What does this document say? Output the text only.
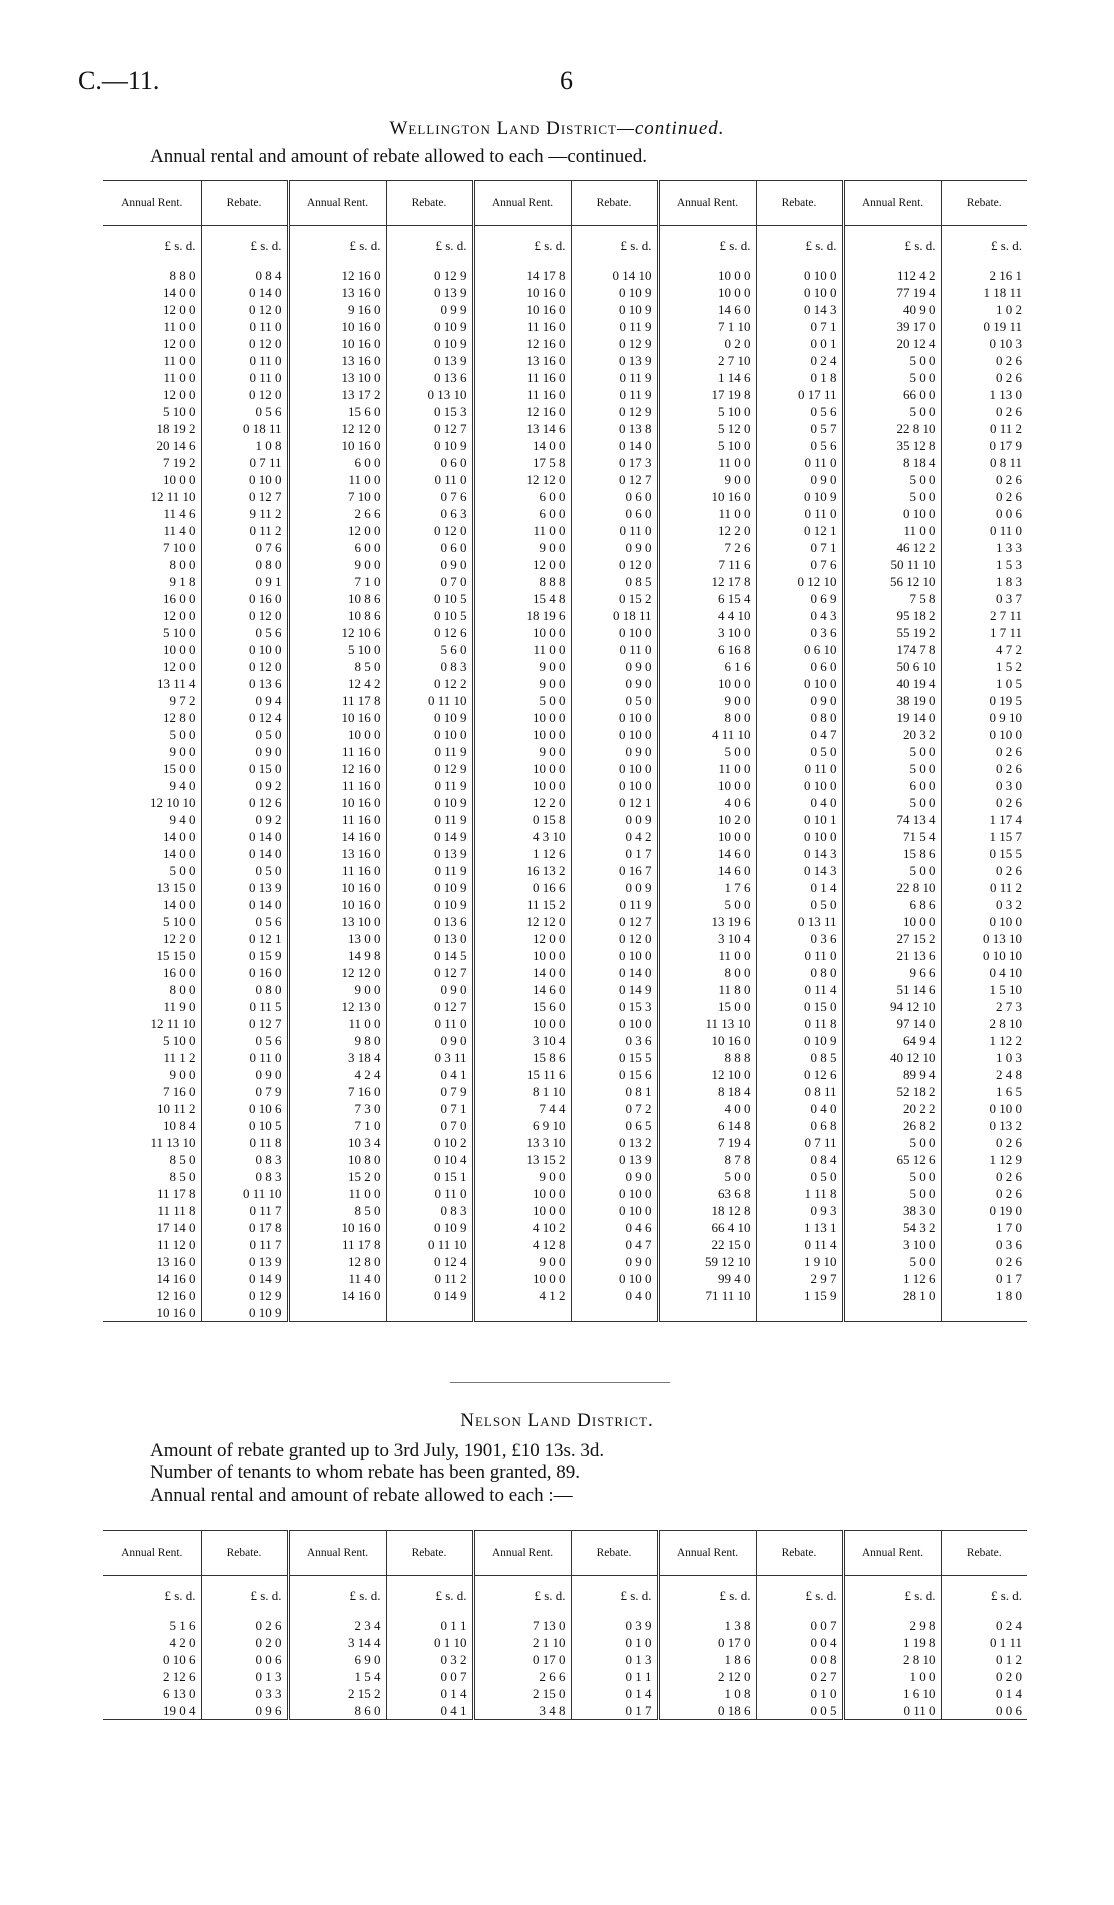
C.—11.	6
Wellington Land District—continued.
Annual rental and amount of rebate allowed to each —continued.
Annual Rent.	Rebate.	Annual Rent.	Rebate.	Annual Rent.	Rebate.	Annual Rent.	Rebate.	Annual Rent.	Rebate.
£ s. d.	£ s. d.	£ s. d.	£ s. d.	£ s. d.	£ s. d.	£ s. d.	£ s. d.	£ s. d.	£ s. d.
8 8 0	0 8 4	12 16 0	0 12 9	14 17 8	0 14 10	10 0 0	0 10 0	112 4 2	2 16 1
14 0 0	0 14 0	13 16 0	0 13 9	10 16 0	0 10 9	10 0 0	0 10 0	77 19 4	1 18 11
12 0 0	0 12 0	9 16 0	0 9 9	10 16 0	0 10 9	14 6 0	0 14 3	40 9 0	1 0 2
11 0 0	0 11 0	10 16 0	0 10 9	11 16 0	0 11 9	7 1 10	0 7 1	39 17 0	0 19 11
12 0 0	0 12 0	10 16 0	0 10 9	12 16 0	0 12 9	0 2 0	0 0 1	20 12 4	0 10 3
11 0 0	0 11 0	13 16 0	0 13 9	13 16 0	0 13 9	2 7 10	0 2 4	5 0 0	0 2 6
11 0 0	0 11 0	13 10 0	0 13 6	11 16 0	0 11 9	1 14 6	0 1 8	5 0 0	0 2 6
12 0 0	0 12 0	13 17 2	0 13 10	11 16 0	0 11 9	17 19 8	0 17 11	66 0 0	1 13 0
5 10 0	0 5 6	15 6 0	0 15 3	12 16 0	0 12 9	5 10 0	0 5 6	5 0 0	0 2 6
18 19 2	0 18 11	12 12 0	0 12 7	13 14 6	0 13 8	5 12 0	0 5 7	22 8 10	0 11 2
20 14 6	1 0 8	10 16 0	0 10 9	14 0 0	0 14 0	5 10 0	0 5 6	35 12 8	0 17 9
7 19 2	0 7 11	6 0 0	0 6 0	17 5 8	0 17 3	11 0 0	0 11 0	8 18 4	0 8 11
10 0 0	0 10 0	11 0 0	0 11 0	12 12 0	0 12 7	9 0 0	0 9 0	5 0 0	0 2 6
12 11 10	0 12 7	7 10 0	0 7 6	6 0 0	0 6 0	10 16 0	0 10 9	5 0 0	0 2 6
11 4 6	9 11 2	2 6 6	0 6 3	6 0 0	0 6 0	11 0 0	0 11 0	0 10 0	0 0 6
11 4 0	0 11 2	12 0 0	0 12 0	11 0 0	0 11 0	12 2 0	0 12 1	11 0 0	0 11 0
7 10 0	0 7 6	6 0 0	0 6 0	9 0 0	0 9 0	7 2 6	0 7 1	46 12 2	1 3 3
8 0 0	0 8 0	9 0 0	0 9 0	12 0 0	0 12 0	7 11 6	0 7 6	50 11 10	1 5 3
9 1 8	0 9 1	7 1 0	0 7 0	8 8 8	0 8 5	12 17 8	0 12 10	56 12 10	1 8 3
16 0 0	0 16 0	10 8 6	0 10 5	15 4 8	0 15 2	6 15 4	0 6 9	7 5 8	0 3 7
12 0 0	0 12 0	10 8 6	0 10 5	18 19 6	0 18 11	4 4 10	0 4 3	95 18 2	2 7 11
5 10 0	0 5 6	12 10 6	0 12 6	10 0 0	0 10 0	3 10 0	0 3 6	55 19 2	1 7 11
10 0 0	0 10 0	5 10 0	5 6 0	11 0 0	0 11 0	6 16 8	0 6 10	174 7 8	4 7 2
12 0 0	0 12 0	8 5 0	0 8 3	9 0 0	0 9 0	6 1 6	0 6 0	50 6 10	1 5 2
13 11 4	0 13 6	12 4 2	0 12 2	9 0 0	0 9 0	10 0 0	0 10 0	40 19 4	1 0 5
9 7 2	0 9 4	11 17 8	0 11 10	5 0 0	0 5 0	9 0 0	0 9 0	38 19 0	0 19 5
12 8 0	0 12 4	10 16 0	0 10 9	10 0 0	0 10 0	8 0 0	0 8 0	19 14 0	0 9 10
5 0 0	0 5 0	10 0 0	0 10 0	10 0 0	0 10 0	4 11 10	0 4 7	20 3 2	0 10 0
9 0 0	0 9 0	11 16 0	0 11 9	9 0 0	0 9 0	5 0 0	0 5 0	5 0 0	0 2 6
15 0 0	0 15 0	12 16 0	0 12 9	10 0 0	0 10 0	11 0 0	0 11 0	5 0 0	0 2 6
9 4 0	0 9 2	11 16 0	0 11 9	10 0 0	0 10 0	10 0 0	0 10 0	6 0 0	0 3 0
12 10 10	0 12 6	10 16 0	0 10 9	12 2 0	0 12 1	4 0 6	0 4 0	5 0 0	0 2 6
9 4 0	0 9 2	11 16 0	0 11 9	0 15 8	0 0 9	10 2 0	0 10 1	74 13 4	1 17 4
14 0 0	0 14 0	14 16 0	0 14 9	4 3 10	0 4 2	10 0 0	0 10 0	71 5 4	1 15 7
14 0 0	0 14 0	13 16 0	0 13 9	1 12 6	0 1 7	14 6 0	0 14 3	15 8 6	0 15 5
5 0 0	0 5 0	11 16 0	0 11 9	16 13 2	0 16 7	14 6 0	0 14 3	5 0 0	0 2 6
13 15 0	0 13 9	10 16 0	0 10 9	0 16 6	0 0 9	1 7 6	0 1 4	22 8 10	0 11 2
14 0 0	0 14 0	10 16 0	0 10 9	11 15 2	0 11 9	5 0 0	0 5 0	6 8 6	0 3 2
5 10 0	0 5 6	13 10 0	0 13 6	12 12 0	0 12 7	13 19 6	0 13 11	10 0 0	0 10 0
12 2 0	0 12 1	13 0 0	0 13 0	12 0 0	0 12 0	3 10 4	0 3 6	27 15 2	0 13 10
15 15 0	0 15 9	14 9 8	0 14 5	10 0 0	0 10 0	11 0 0	0 11 0	21 13 6	0 10 10
16 0 0	0 16 0	12 12 0	0 12 7	14 0 0	0 14 0	8 0 0	0 8 0	9 6 6	0 4 10
8 0 0	0 8 0	9 0 0	0 9 0	14 6 0	0 14 9	11 8 0	0 11 4	51 14 6	1 5 10
11 9 0	0 11 5	12 13 0	0 12 7	15 6 0	0 15 3	15 0 0	0 15 0	94 12 10	2 7 3
12 11 10	0 12 7	11 0 0	0 11 0	10 0 0	0 10 0	11 13 10	0 11 8	97 14 0	2 8 10
5 10 0	0 5 6	9 8 0	0 9 0	3 10 4	0 3 6	10 16 0	0 10 9	64 9 4	1 12 2
11 1 2	0 11 0	3 18 4	0 3 11	15 8 6	0 15 5	8 8 8	0 8 5	40 12 10	1 0 3
9 0 0	0 9 0	4 2 4	0 4 1	15 11 6	0 15 6	12 10 0	0 12 6	89 9 4	2 4 8
7 16 0	0 7 9	7 16 0	0 7 9	8 1 10	0 8 1	8 18 4	0 8 11	52 18 2	1 6 5
10 11 2	0 10 6	7 3 0	0 7 1	7 4 4	0 7 2	4 0 0	0 4 0	20 2 2	0 10 0
10 8 4	0 10 5	7 1 0	0 7 0	6 9 10	0 6 5	6 14 8	0 6 8	26 8 2	0 13 2
11 13 10	0 11 8	10 3 4	0 10 2	13 3 10	0 13 2	7 19 4	0 7 11	5 0 0	0 2 6
8 5 0	0 8 3	10 8 0	0 10 4	13 15 2	0 13 9	8 7 8	0 8 4	65 12 6	1 12 9
8 5 0	0 8 3	15 2 0	0 15 1	9 0 0	0 9 0	5 0 0	0 5 0	5 0 0	0 2 6
11 17 8	0 11 10	11 0 0	0 11 0	10 0 0	0 10 0	63 6 8	1 11 8	5 0 0	0 2 6
11 11 8	0 11 7	8 5 0	0 8 3	10 0 0	0 10 0	18 12 8	0 9 3	38 3 0	0 19 0
17 14 0	0 17 8	10 16 0	0 10 9	4 10 2	0 4 6	66 4 10	1 13 1	54 3 2	1 7 0
11 12 0	0 11 7	11 17 8	0 11 10	4 12 8	0 4 7	22 15 0	0 11 4	3 10 0	0 3 6
13 16 0	0 13 9	12 8 0	0 12 4	9 0 0	0 9 0	59 12 10	1 9 10	5 0 0	0 2 6
14 16 0	0 14 9	11 4 0	0 11 2	10 0 0	0 10 0	99 4 0	2 9 7	1 12 6	0 1 7
12 16 0	0 12 9	14 16 0	0 14 9	4 1 2	0 4 0	71 11 10	1 15 9	28 1 0	1 8 0
10 16 0	0 10 9								
Nelson Land District.
Amount of rebate granted up to 3rd July, 1901, £10 13s. 3d.
Number of tenants to whom rebate has been granted, 89.
Annual rental and amount of rebate allowed to each :—
Annual Rent.	Rebate.	Annual Rent.	Rebate.	Annual Rent.	Rebate.	Annual Rent.	Rebate.	Annual Rent.	Rebate.
£ s. d.	£ s. d.	£ s. d.	£ s. d.	£ s. d.	£ s. d.	£ s. d.	£ s. d.	£ s. d.	£ s. d.
5 1 6	0 2 6	2 3 4	0 1 1	7 13 0	0 3 9	1 3 8	0 0 7	2 9 8	0 2 4
4 2 0	0 2 0	3 14 4	0 1 10	2 1 10	0 1 0	0 17 0	0 0 4	1 19 8	0 1 11
0 10 6	0 0 6	6 9 0	0 3 2	0 17 0	0 1 3	1 8 6	0 0 8	2 8 10	0 1 2
2 12 6	0 1 3	1 5 4	0 0 7	2 6 6	0 1 1	2 12 0	0 2 7	1 0 0	0 2 0
6 13 0	0 3 3	2 15 2	0 1 4	2 15 0	0 1 4	1 0 8	0 1 0	1 6 10	0 1 4
19 0 4	0 9 6	8 6 0	0 4 1	3 4 8	0 1 7	0 18 6	0 0 5	0 11 0	0 0 6
